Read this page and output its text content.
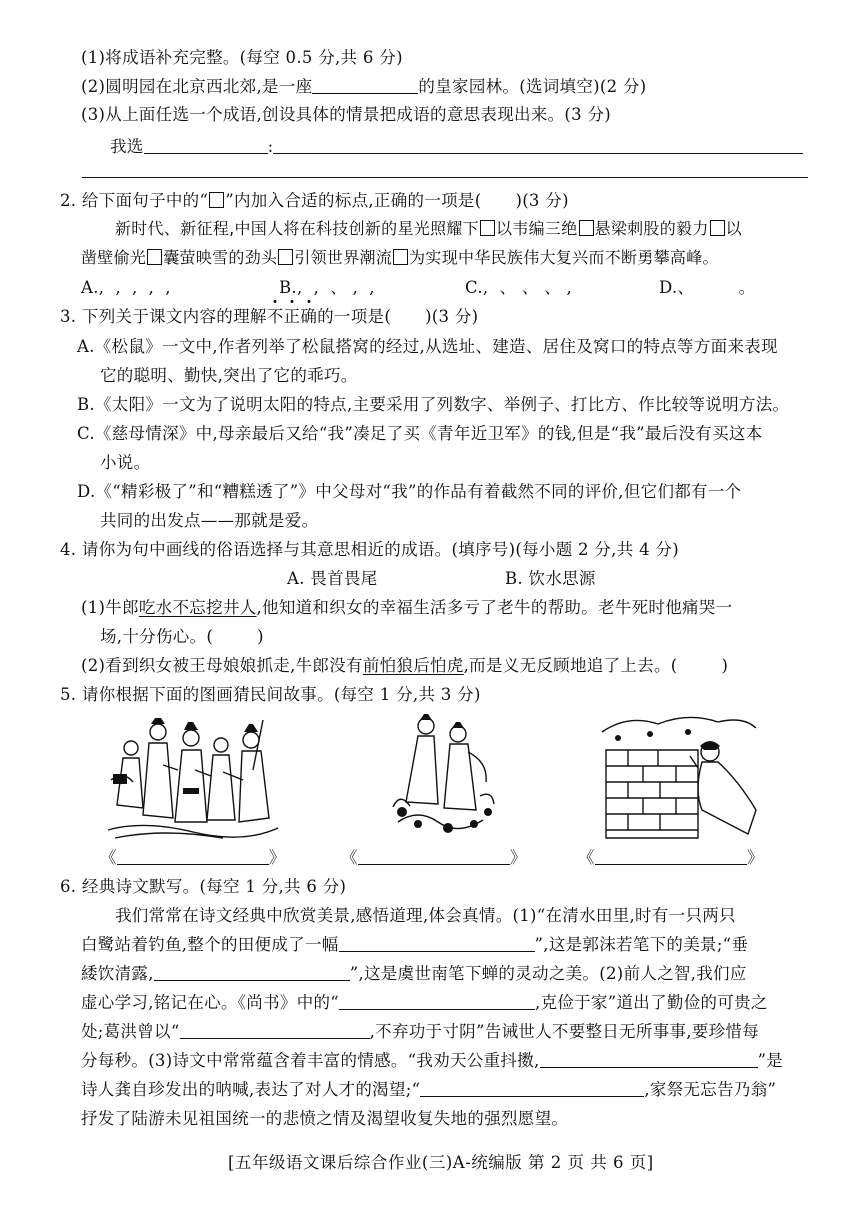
(1)将成语补充完整。(每空 0.5 分,共 6 分)
(2)圆明园在北京西北郊,是一座	的皇家园林。(选词填空)(2 分)
(3)从上面任选一个成语,创设具体的情景把成语的意思表现出来。(3 分)
我选	:
2. 给下面句子中的“ ”内加入合适的标点,正确的一项是( )(3 分)
新时代、新征程,中国人将在科技创新的星光照耀下 以韦编三绝 悬梁刺股的毅力 以
凿壁偷光 囊萤映雪的劲头 引领世界潮流 为实现中华民族伟大复兴而不断勇攀高峰。
A.,  ,  ,  ,  ,	B.,  ,  、 ,  ,	C.,  、 、 、 ,	D.、        。
3. 下列关于课文内容的理解不正确的一项是( )(3 分)
A.《松鼠》一文中,作者列举了松鼠搭窝的经过,从选址、建造、居住及窝口的特点等方面来表现
它的聪明、勤快,突出了它的乖巧。
B.《太阳》一文为了说明太阳的特点,主要采用了列数字、举例子、打比方、作比较等说明方法。
C.《慈母情深》中,母亲最后又给“我”凑足了买《青年近卫军》的钱,但是“我”最后没有买这本
小说。
D.《“精彩极了”和“糟糕透了”》中父母对“我”的作品有着截然不同的评价,但它们都有一个
共同的出发点——那就是爱。
4. 请你为句中画线的俗语选择与其意思相近的成语。(填序号)(每小题 2 分,共 4 分)
A. 畏首畏尾	B. 饮水思源
(1)牛郎吃水不忘挖井人,他知道和织女的幸福生活多亏了老牛的帮助。老牛死时他痛哭一
场,十分伤心。(	)
(2)看到织女被王母娘娘抓走,牛郎没有前怕狼后怕虎,而是义无反顾地追了上去。(	)
5. 请你根据下面的图画猜民间故事。(每空 1 分,共 3 分)
《	》	《	》	《	》
6. 经典诗文默写。(每空 1 分,共 6 分)
我们常常在诗文经典中欣赏美景,感悟道理,体会真情。(1)“在清水田里,时有一只两只
白鹭站着钓鱼,整个的田便成了一幅	”,这是郭沫若笔下的美景;“垂
緌饮清露,	”,这是虞世南笔下蝉的灵动之美。(2)前人之智,我们应
虚心学习,铭记在心。《尚书》中的“	,克俭于家”道出了勤俭的可贵之
处;葛洪曾以“	,不弃功于寸阴”告诫世人不要整日无所事事,要珍惜每
分每秒。(3)诗文中常常蕴含着丰富的情感。“我劝天公重抖擞,	”是
诗人龚自珍发出的呐喊,表达了对人才的渴望;“	,家祭无忘告乃翁”
抒发了陆游未见祖国统一的悲愤之情及渴望收复失地的强烈愿望。
[五年级语文课后综合作业(三)A-统编版 第 2 页 共 6 页]
